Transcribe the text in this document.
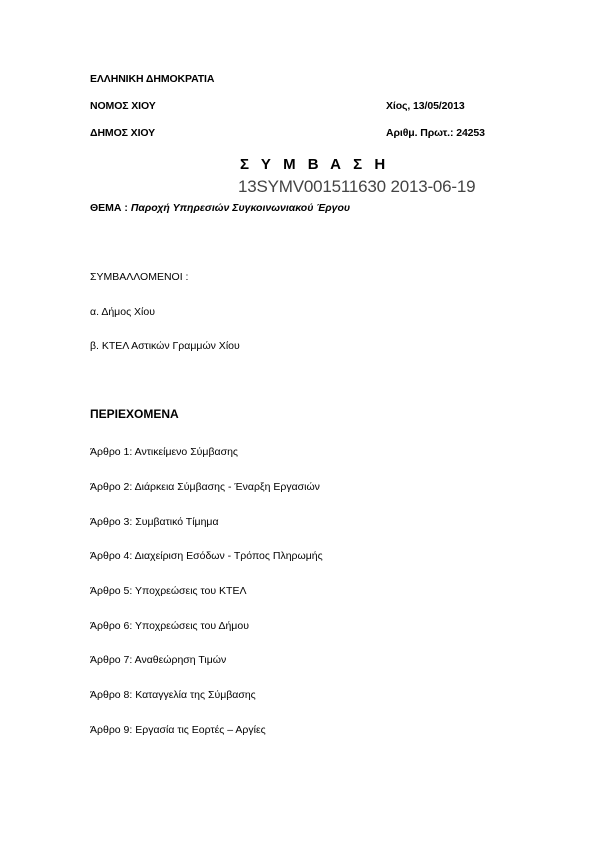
ΕΛΛΗΝΙΚΗ ΔΗΜΟΚΡΑΤΙΑ
ΝΟΜΟΣ ΧΙΟΥ	Χίος, 13/05/2013
ΔΗΜΟΣ ΧΙΟΥ	Αριθμ. Πρωτ.: 24253
Σ Υ Μ Β Α Σ Η
13SYMV001511630 2013-06-19
ΘΕΜΑ : Παροχή Υπηρεσιών Συγκοινωνιακού Έργου
ΣΥΜΒΑΛΛΟΜΕΝΟΙ :
α. Δήμος Χίου
β. ΚΤΕΛ Αστικών Γραμμών Χίου
ΠΕΡΙΕΧΟΜΕΝΑ
Άρθρο 1: Αντικείμενο Σύμβασης
Άρθρο 2: Διάρκεια Σύμβασης - Έναρξη Εργασιών
Άρθρο 3: Συμβατικό Τίμημα
Άρθρο 4: Διαχείριση Εσόδων - Τρόπος Πληρωμής
Άρθρο 5: Υποχρεώσεις του ΚΤΕΛ
Άρθρο 6: Υποχρεώσεις του Δήμου
Άρθρο 7: Αναθεώρηση Τιμών
Άρθρο 8: Καταγγελία της Σύμβασης
Άρθρο 9: Εργασία τις Εορτές – Αργίες
